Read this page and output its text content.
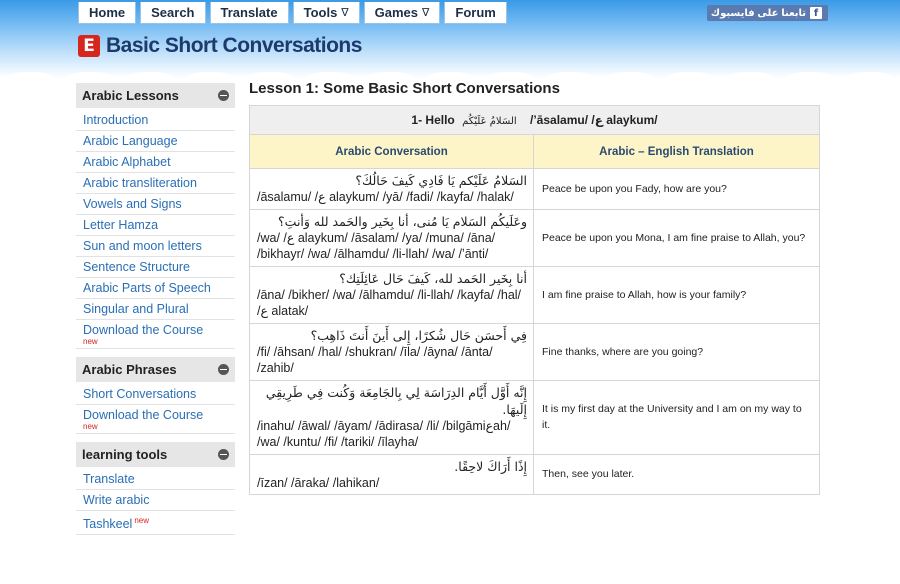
Home Search Translate Tools ∇ Games ∇ Forum	تابعنا على فايسبوك f
E Basic Short Conversations
Arabic Lessons
Introduction
Arabic Language
Arabic Alphabet
Arabic transliteration
Vowels and Signs
Letter Hamza
Sun and moon letters
Sentence Structure
Arabic Parts of Speech
Singular and Plural
Download the Course
new
Arabic Phrases
Short Conversations
Download the Course
new
learning tools
Translate
Write arabic
Tashkeel $^{new}$
Lesson 1: Some Basic Short Conversations
1- Hello السَلامُ عَلَيْكُم /ʼāsalamu/ /ع alaykum/	
Arabic Conversation	Arabic – English Translation

السَلامُ عَلَيْكم يَا فَادِي كَيفَ حَالُكَ؟
/āsalamu/ /ع alaykum/ /yā/ /fadi/ /kayfa/ /halak/	Peace be upon you Fady, how are you?

وعَلَيكُم السَلام يَا مُنى، أنا بِخَير والحَمد لله وَأنتِ؟
/wa/ /ع alaykum/ /āsalam/ /ya/ /muna/ /āna/ /bikhayr/ /wa/ /ālhamdu/ /li-llah/ /wa/ /ʼānti/	Peace be upon you Mona, I am fine praise to Allah, you?

أنا بِخَير الحَمد لله، كَيفَ حَال عَائِلَتِك؟
/āna/ /bikher/ /wa/ /ālhamdu/ /li-llah/ /kayfa/ /hal/ /ع alatak/	I am fine praise to Allah, how is your family?

فِي أَحسَن حَال شُكرًا، إِلى أَينَ أَنتَ ذَاهِب؟
/fi/ /āhsan/ /hal/ /shukran/ /īla/ /āyna/ /ānta/ /zahib/	Fine thanks, where are you going?

إِنَّه أَوَّل أَيَّام الدِرَاسَة لِي بِالجَامِعَة وَكُنت فِي طَرِيقِي إِلَيهَا.
/inahu/ /āwal/ /āyam/ /ādirasa/ /li/ /bilgāmiعah/ /wa/ /kuntu/ /fi/ /tariki/ /īlayha/	It is my first day at the University and I am on my way to it.

إِذًا أَرَاكَ لاحِقًا.
/īzan/ /āraka/ /lahikan/	Then, see you later.
